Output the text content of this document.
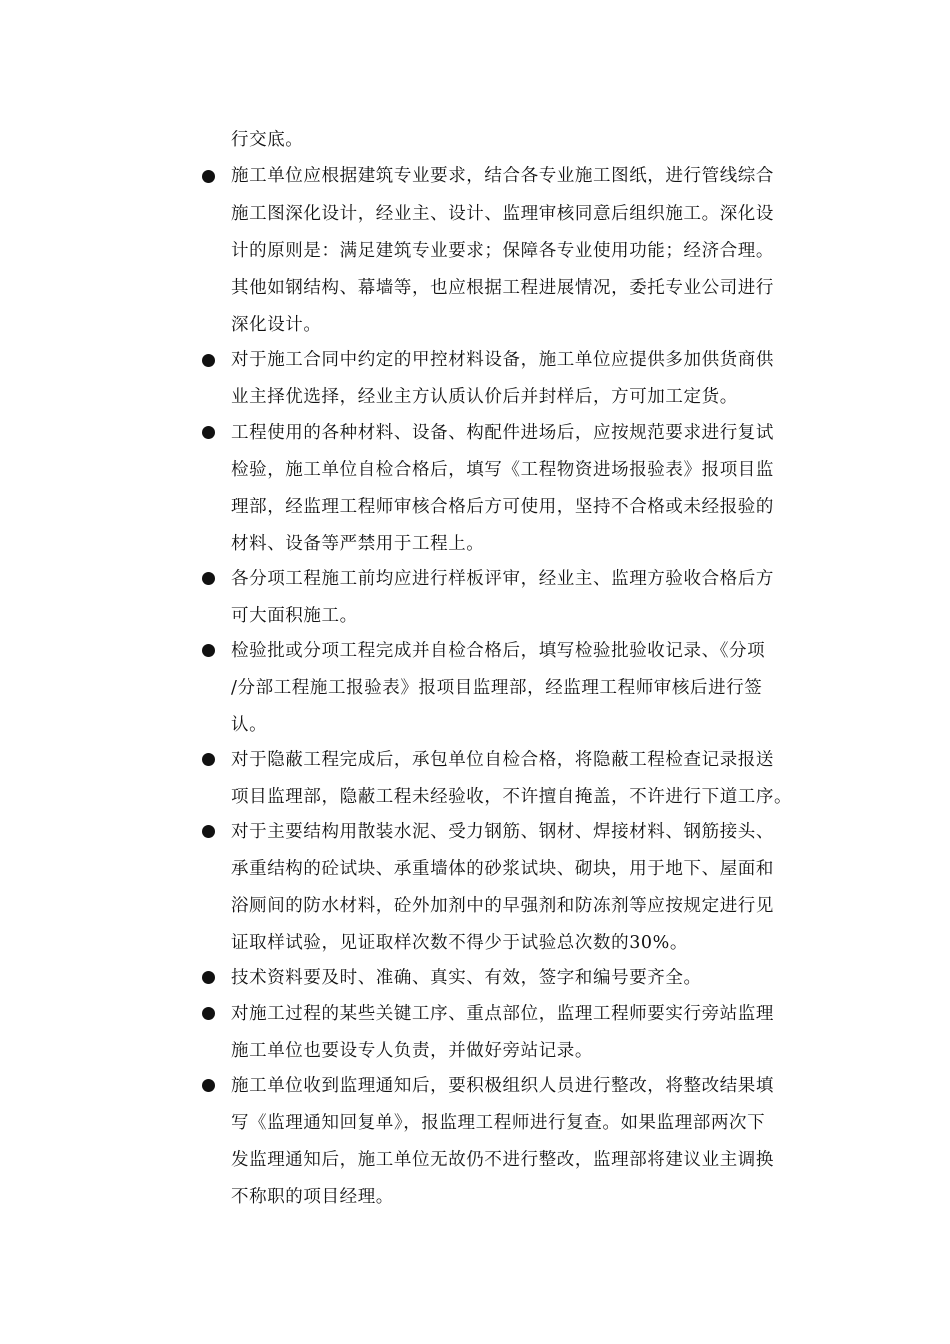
行交底。
施工单位应根据建筑专业要求，结合各专业施工图纸，进行管线综合
施工图深化设计，经业主、设计、监理审核同意后组织施工。深化设
计的原则是：满足建筑专业要求；保障各专业使用功能；经济合理。
其他如钢结构、幕墙等，也应根据工程进展情况，委托专业公司进行
深化设计。
对于施工合同中约定的甲控材料设备，施工单位应提供多加供货商供
业主择优选择，经业主方认质认价后并封样后，方可加工定货。
工程使用的各种材料、设备、构配件进场后，应按规范要求进行复试
检验，施工单位自检合格后，填写《工程物资进场报验表》报项目监
理部，经监理工程师审核合格后方可使用，坚持不合格或未经报验的
材料、设备等严禁用于工程上。
各分项工程施工前均应进行样板评审，经业主、监理方验收合格后方
可大面积施工。
检验批或分项工程完成并自检合格后，填写检验批验收记录、《分项
/分部工程施工报验表》报项目监理部，经监理工程师审核后进行签
认。
对于隐蔽工程完成后，承包单位自检合格，将隐蔽工程检查记录报送
项目监理部，隐蔽工程未经验收，不许擅自掩盖，不许进行下道工序。
对于主要结构用散装水泥、受力钢筋、钢材、焊接材料、钢筋接头、
承重结构的砼试块、承重墙体的砂浆试块、砌块，用于地下、屋面和
浴厕间的防水材料，砼外加剂中的早强剂和防冻剂等应按规定进行见
证取样试验，见证取样次数不得少于试验总次数的30%。
技术资料要及时、准确、真实、有效，签字和编号要齐全。
对施工过程的某些关键工序、重点部位，监理工程师要实行旁站监理
施工单位也要设专人负责，并做好旁站记录。
施工单位收到监理通知后，要积极组织人员进行整改，将整改结果填
写《监理通知回复单》，报监理工程师进行复查。如果监理部两次下
发监理通知后，施工单位无故仍不进行整改，监理部将建议业主调换
不称职的项目经理。
